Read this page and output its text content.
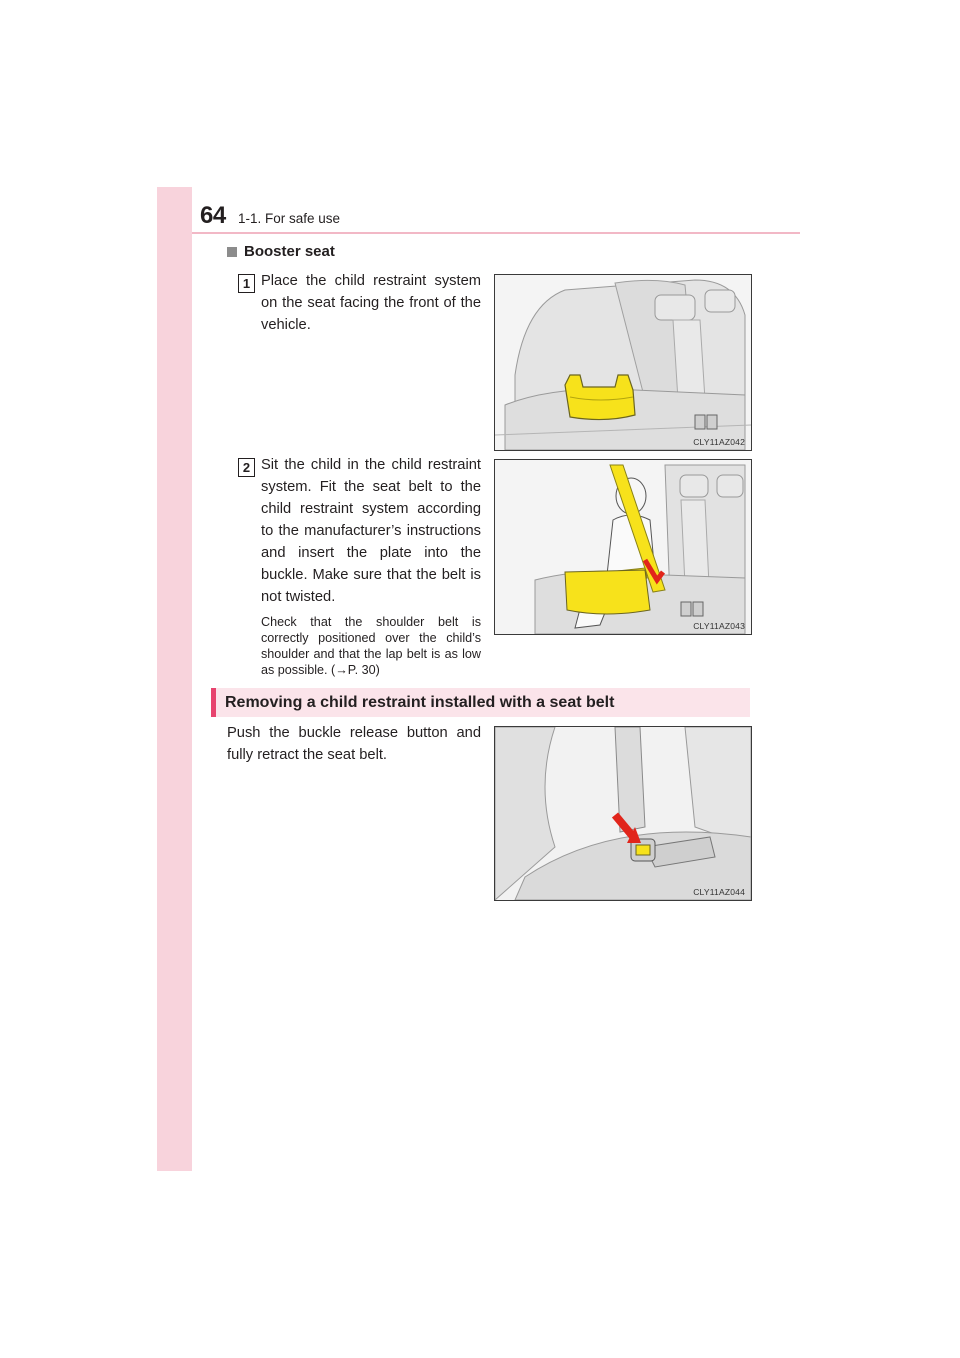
64 1-1. For safe use
Booster seat
1 Place the child restraint system on the seat facing the front of the vehicle.
CLY11AZ042
2 Sit the child in the child restraint system. Fit the seat belt to the child restraint system according to the manufacturer’s instructions and insert the plate into the buckle. Make sure that the belt is not twisted.
Check that the shoulder belt is correctly positioned over the child’s shoulder and that the lap belt is as low as possible. (→P. 30)
CLY11AZ043
Removing a child restraint installed with a seat belt
Push the buckle release button and fully retract the seat belt.
CLY11AZ044
